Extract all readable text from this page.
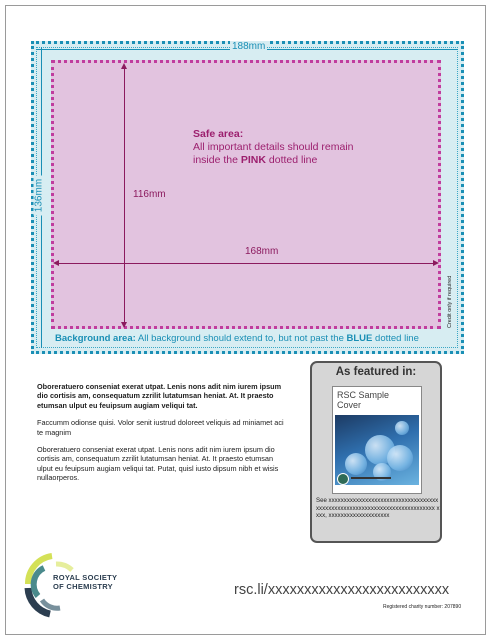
188mm
136mm	116mm
168mm
Safe area:
All important details should remain
inside the PINK dotted line
Background area: All background should extend to, but not past the BLUE dotted line
Credit only if required

Oboreratuero conseniat exerat utpat. Lenis nons adit nim iurem ipsum dio cortisis am, consequatum zzrilit lutatumsan heniat. At. It praesto etumsan ulput eu feuipsum augiam veliqui tat.

Faccumm odionse quisi. Volor senit iustrud doloreet veliquis ad miniamet aci te magnim

Oboreratuero conseniat exerat utpat. Lenis nons adit nim iurem ipsum dio cortisis am, consequatum zzrilit lutatumsan heniat. At. It praesto etumsan ulput eu feuipsum augiam veliqui tat. Putat, quisl iusto dipsum nibh et wisis nullaorperos.

As featured in:
RSC Sample Cover
See xxxxxxxxxxxxxxxxxxxxxxxxxxxxxxxxxxxxxxxxxxxxxxxxxxxxxxxxxxxxxxxxxxxxxxxxxxx xxxx, xxxxxxxxxxxxxxxxxxxx
ROYAL SOCIETY
OF CHEMISTRY	rsc.li/xxxxxxxxxxxxxxxxxxxxxxxxx
Registered charity number: 207890
